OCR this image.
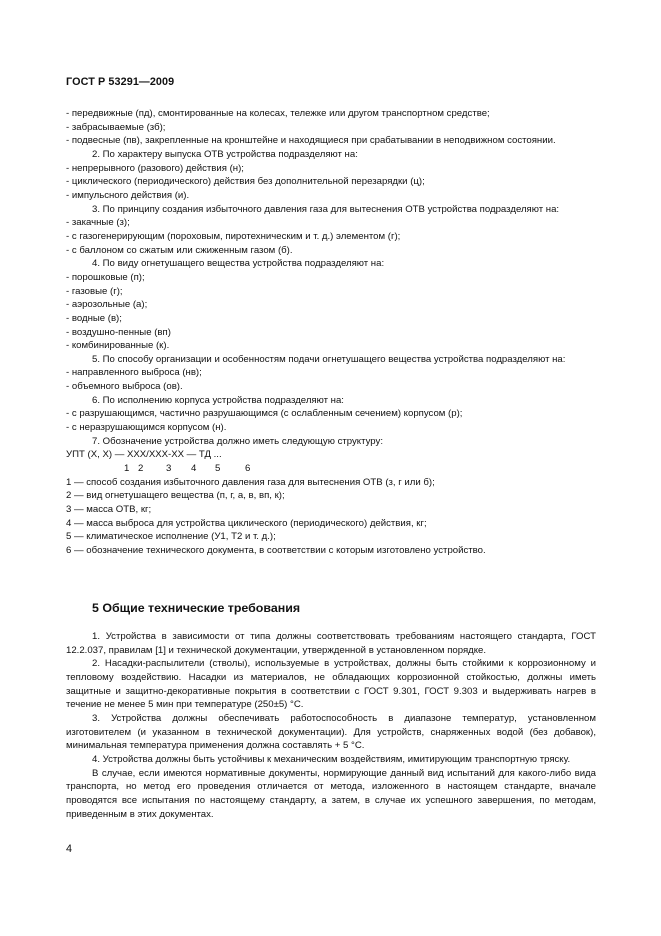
ГОСТ Р 53291—2009

- передвижные (пд), смонтированные на колесах, тележке или другом транспортном средстве;

- забрасываемые (зб);

- подвесные (пв), закрепленные на кронштейне и находящиеся при срабатывании в неподвижном состоянии.

2. По характеру выпуска ОТВ устройства подразделяют на:

- непрерывного (разового) действия (н);

- циклического (периодического) действия без дополнительной перезарядки (ц);

- импульсного действия (и).

3. По принципу создания избыточного давления газа для вытеснения ОТВ устройства подразделяют на:

- закачные (з);

- с газогенерирующим (пороховым, пиротехническим и т. д.) элементом (г);

- с баллоном со сжатым или сжиженным газом (б).

4. По виду огнетушащего вещества устройства подразделяют на:

- порошковые (п);

- газовые (г);

- аэрозольные (а);

- водные (в);

- воздушно-пенные (вп)

- комбинированные (к).

5. По способу организации и особенностям подачи огнетушащего вещества устройства подразделяют на:

- направленного выброса (нв);

- объемного выброса (ов).

6. По исполнению корпуса устройства подразделяют на:

- с разрушающимся, частично разрушающимся (с ослабленным сечением) корпусом (р);

- с неразрушающимся корпусом (н).

7. Обозначение устройства должно иметь следующую структуру:

УПТ (Х, Х) — ХХХ/ХХХ-ХХ — ТД ...

1 2 3 4 5	6

1 — способ создания избыточного давления газа для вытеснения ОТВ (з, г или б);

2 — вид огнетушащего вещества (п, г, а, в, вп, к);

3 — масса ОТВ, кг;

4 — масса выброса для устройства циклического (периодического) действия, кг;

5 — климатическое исполнение (У1, Т2 и т. д.);

6 — обозначение технического документа, в соответствии с которым изготовлено устройство.

5 Общие технические требования

1. Устройства в зависимости от типа должны соответствовать требованиям настоящего стандарта, ГОСТ 12.2.037, правилам [1] и технической документации, утвержденной в установленном порядке.

2. Насадки-распылители (стволы), используемые в устройствах, должны быть стойкими к коррозионному и тепловому воздействию. Насадки из материалов, не обладающих коррозионной стойкостью, должны иметь защитные и защитно-декоративные покрытия в соответствии с ГОСТ 9.301, ГОСТ 9.303 и выдерживать нагрев в течение не менее 5 мин при температуре (250±5) °С.

3. Устройства должны обеспечивать работоспособность в диапазоне температур, установленном изготовителем (и указанном в технической документации). Для устройств, снаряженных водой (без добавок), минимальная температура применения должна составлять + 5 °С.

4. Устройства должны быть устойчивы к механическим воздействиям, имитирующим транспортную тряску.

В случае, если имеются нормативные документы, нормирующие данный вид испытаний для какого-либо вида транспорта, но метод его проведения отличается от метода, изложенного в настоящем стандарте, вначале проводятся все испытания по настоящему стандарту, а затем, в случае их успешного завершения, по методам, приведенным в этих документах.

4
